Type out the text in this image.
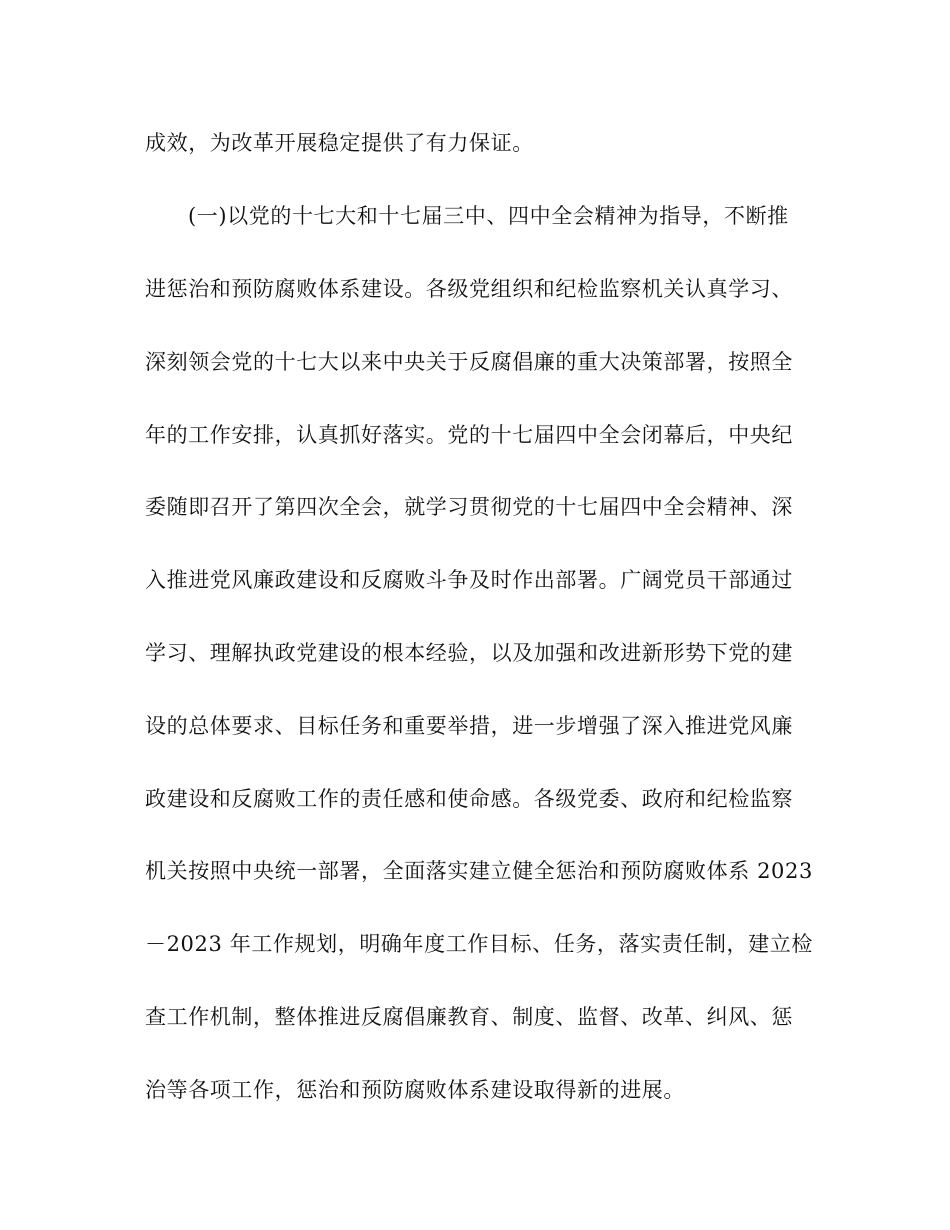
成效，为改革开展稳定提供了有力保证。
(一)以党的十七大和十七届三中、四中全会精神为指导，不断推
进惩治和预防腐败体系建设。各级党组织和纪检监察机关认真学习、
深刻领会党的十七大以来中央关于反腐倡廉的重大决策部署，按照全
年的工作安排，认真抓好落实。党的十七届四中全会闭幕后，中央纪
委随即召开了第四次全会，就学习贯彻党的十七届四中全会精神、深
入推进党风廉政建设和反腐败斗争及时作出部署。广阔党员干部通过
学习、理解执政党建设的根本经验，以及加强和改进新形势下党的建
设的总体要求、目标任务和重要举措，进一步增强了深入推进党风廉
政建设和反腐败工作的责任感和使命感。各级党委、政府和纪检监察
机关按照中央统一部署，全面落实建立健全惩治和预防腐败体系 2023
－2023 年工作规划，明确年度工作目标、任务，落实责任制，建立检
查工作机制，整体推进反腐倡廉教育、制度、监督、改革、纠风、惩
治等各项工作，惩治和预防腐败体系建设取得新的进展。
